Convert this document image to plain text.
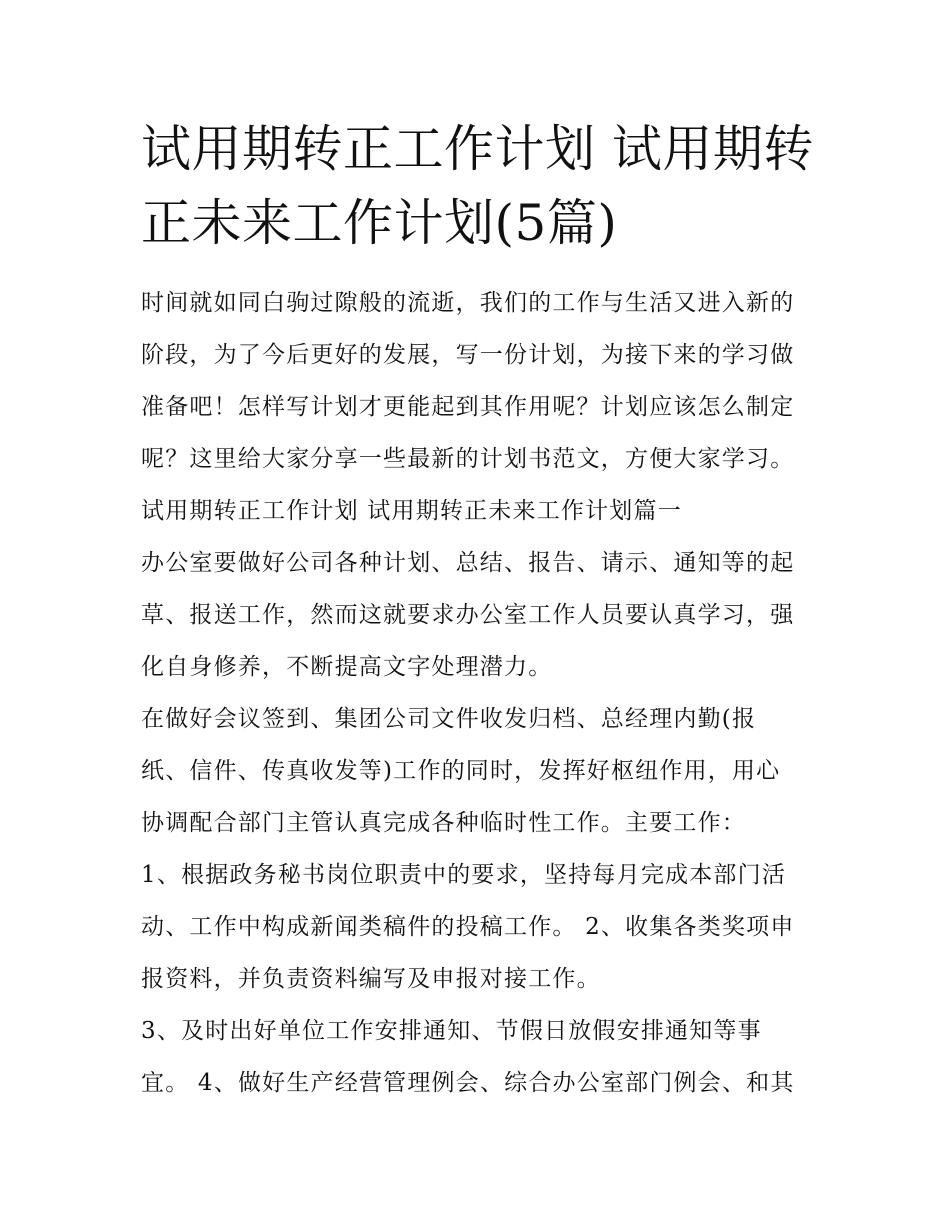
试用期转正工作计划 试用期转
正未来工作计划(5篇)
时间就如同白驹过隙般的流逝，我们的工作与生活又进入新的
阶段，为了今后更好的发展，写一份计划，为接下来的学习做
准备吧！怎样写计划才更能起到其作用呢？计划应该怎么制定
呢？这里给大家分享一些最新的计划书范文，方便大家学习。
试用期转正工作计划 试用期转正未来工作计划篇一
办公室要做好公司各种计划、总结、报告、请示、通知等的起
草、报送工作，然而这就要求办公室工作人员要认真学习，强
化自身修养，不断提高文字处理潜力。
在做好会议签到、集团公司文件收发归档、总经理内勤(报
纸、信件、传真收发等)工作的同时，发挥好枢纽作用，用心
协调配合部门主管认真完成各种临时性工作。主要工作：
1、根据政务秘书岗位职责中的要求，坚持每月完成本部门活
动、工作中构成新闻类稿件的投稿工作。 2、收集各类奖项申
报资料，并负责资料编写及申报对接工作。
3、及时出好单位工作安排通知、节假日放假安排通知等事
宜。 4、做好生产经营管理例会、综合办公室部门例会、和其
